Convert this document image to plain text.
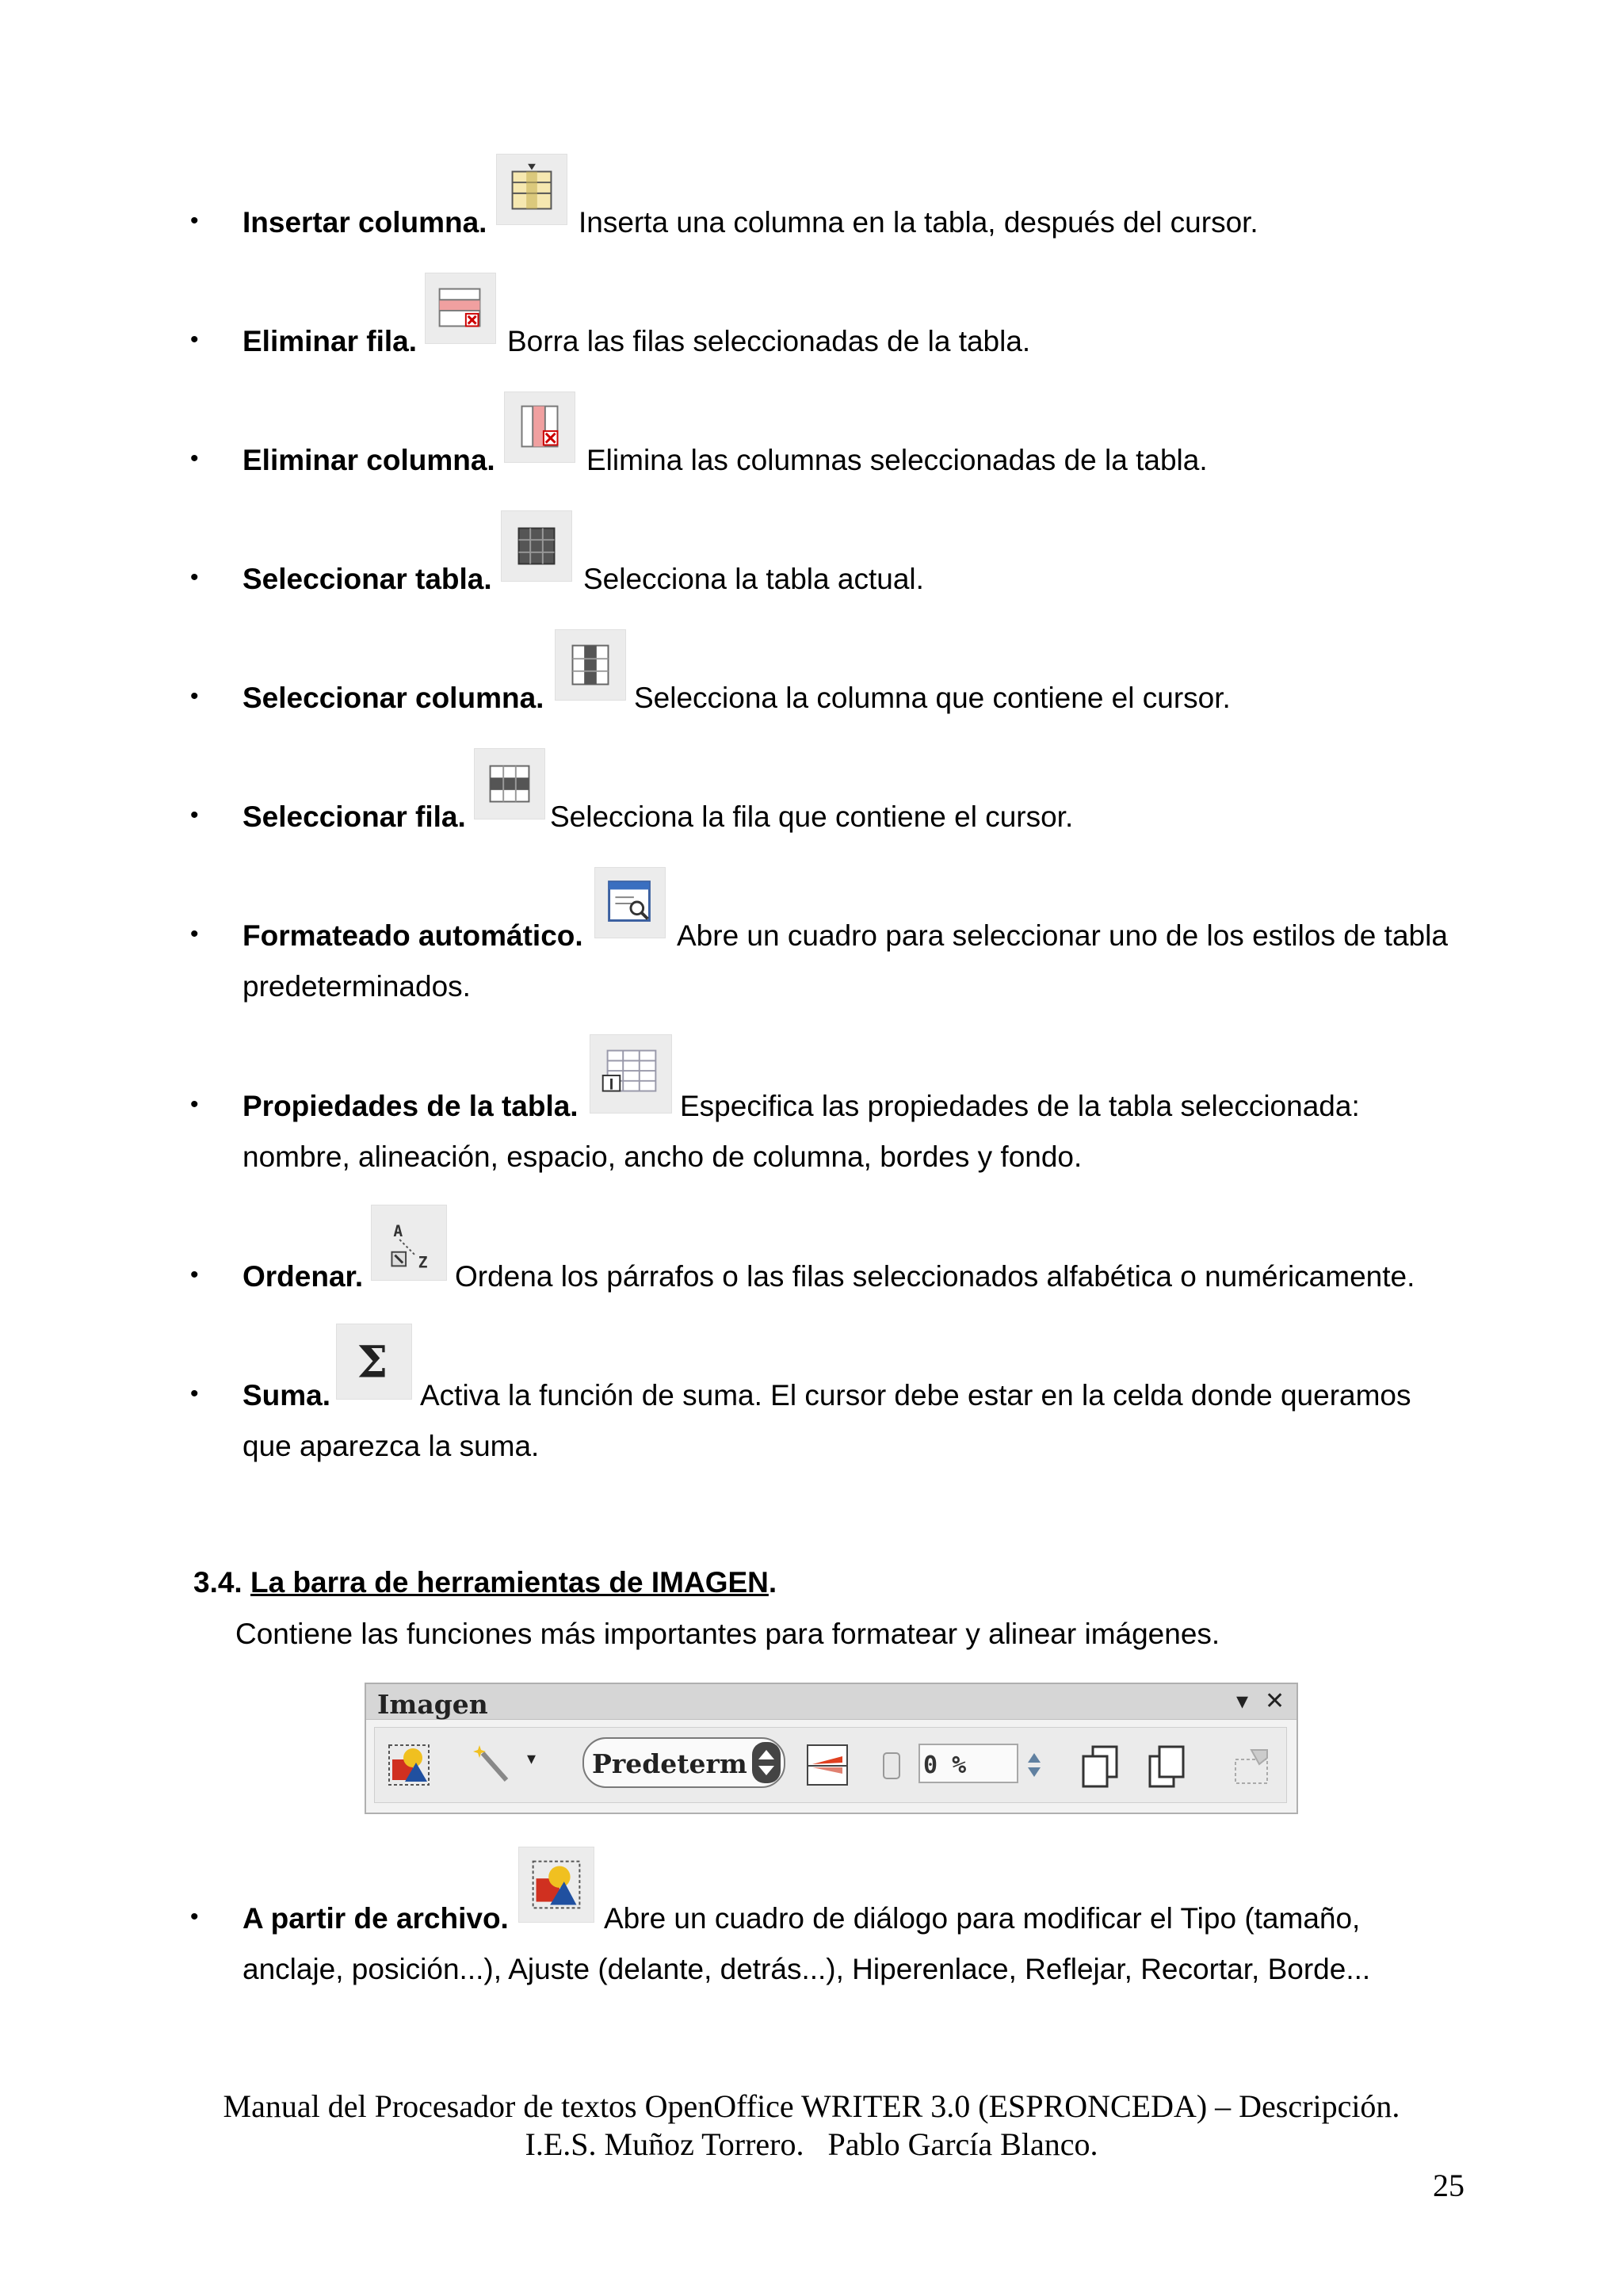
• Insertar columna.	Inserta una columna en la tabla, después del cursor.
• Eliminar fila.	Borra las filas seleccionadas de la tabla.
• Eliminar columna.	Elimina las columnas seleccionadas de la tabla.
• Seleccionar tabla.	Selecciona la tabla actual.
• Seleccionar columna.	Selecciona la columna que contiene el cursor.
• Seleccionar fila.	Selecciona la fila que contiene el cursor.
• Formateado automático.	Abre un cuadro para seleccionar uno de los estilos de tabla
predeterminados.
• Propiedades de la tabla.	Especifica las propiedades de la tabla seleccionada:
nombre, alineación, espacio, ancho de columna, bordes y fondo.
• Ordenar.
A
Z Ordena los párrafos o las filas seleccionados alfabética o numéricamente.
• Suma.
Σ
Activa la función de suma. El cursor debe estar en la celda donde queramos
que aparezca la suma.
3.4. La barra de herramientas de IMAGEN.
Contiene las funciones más importantes para formatear y alinear imágenes.
Imagen	▾ ✕
▾ Predeterm	0 %
• A partir de archivo.	Abre un cuadro de diálogo para modificar el Tipo (tamaño,
anclaje, posición...), Ajuste (delante, detrás...), Hiperenlace, Reflejar, Recortar, Borde...
Manual del Procesador de textos OpenOffice WRITER 3.0 (ESPRONCEDA) – Descripción.
I.E.S. Muñoz Torrero.   Pablo García Blanco.
25
